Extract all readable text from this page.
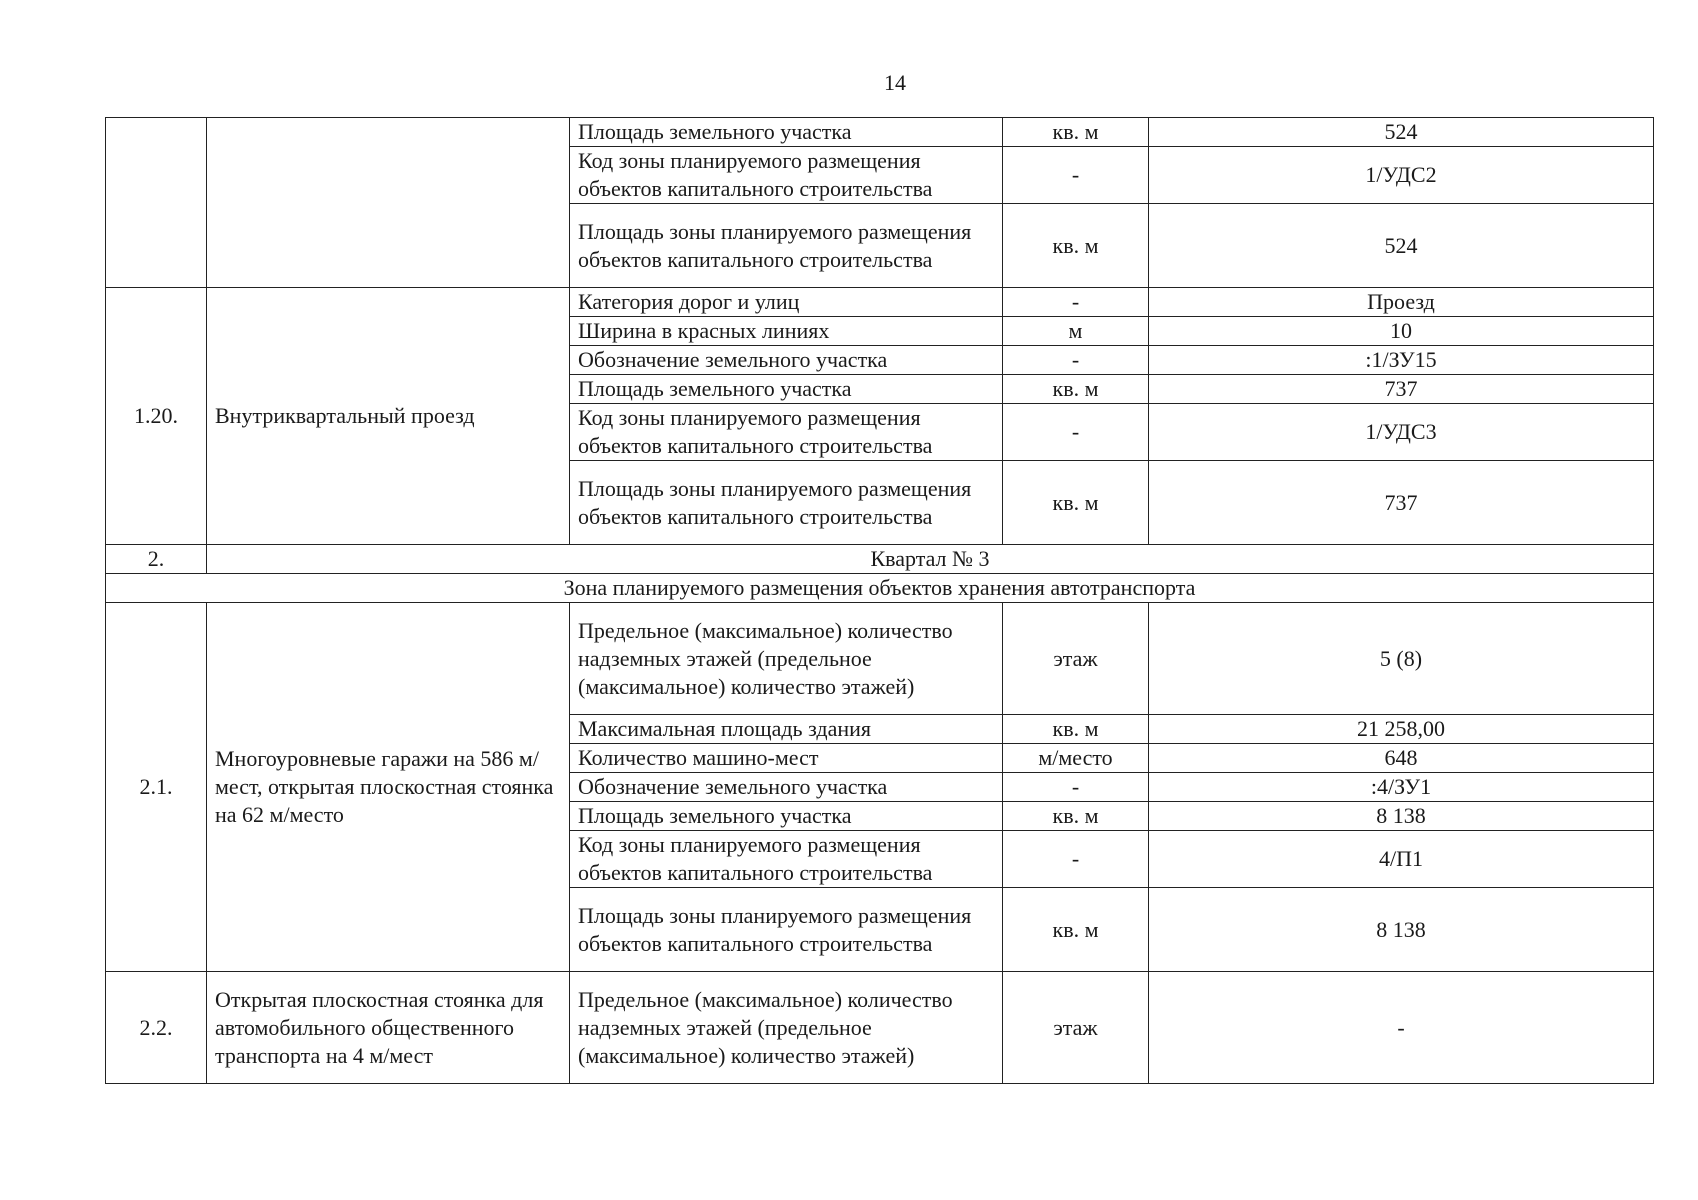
14
		Площадь земельного участка	кв. м	524
		Код зоны планируемого размещения объектов капитального строительства	-	1/УДС2
		Площадь зоны планируемого размещения объектов капитального строительства	кв. м	524
1.20.	Внутриквартальный проезд	Категория дорог и улиц	-	Проезд
		Ширина в красных линиях	м	10
		Обозначение земельного участка	-	:1/ЗУ15
		Площадь земельного участка	кв. м	737
		Код зоны планируемого размещения объектов капитального строительства	-	1/УДС3
		Площадь зоны планируемого размещения объектов капитального строительства	кв. м	737
2.	Квартал № 3			
Зона планируемого размещения объектов хранения автотранспорта				
2.1.	Многоуровневые гаражи на 586 м/мест, открытая плоскостная стоянка на 62 м/место	Предельное (максимальное) количество надземных этажей (предельное (максимальное) количество этажей)	этаж	5 (8)
		Максимальная площадь здания	кв. м	21 258,00
		Количество машино-мест	м/место	648
		Обозначение земельного участка	-	:4/ЗУ1
		Площадь земельного участка	кв. м	8 138
		Код зоны планируемого размещения объектов капитального строительства	-	4/П1
		Площадь зоны планируемого размещения объектов капитального строительства	кв. м	8 138
2.2.	Открытая плоскостная стоянка для автомобильного общественного транспорта на 4 м/мест	Предельное (максимальное) количество надземных этажей (предельное (максимальное) количество этажей)	этаж	-
